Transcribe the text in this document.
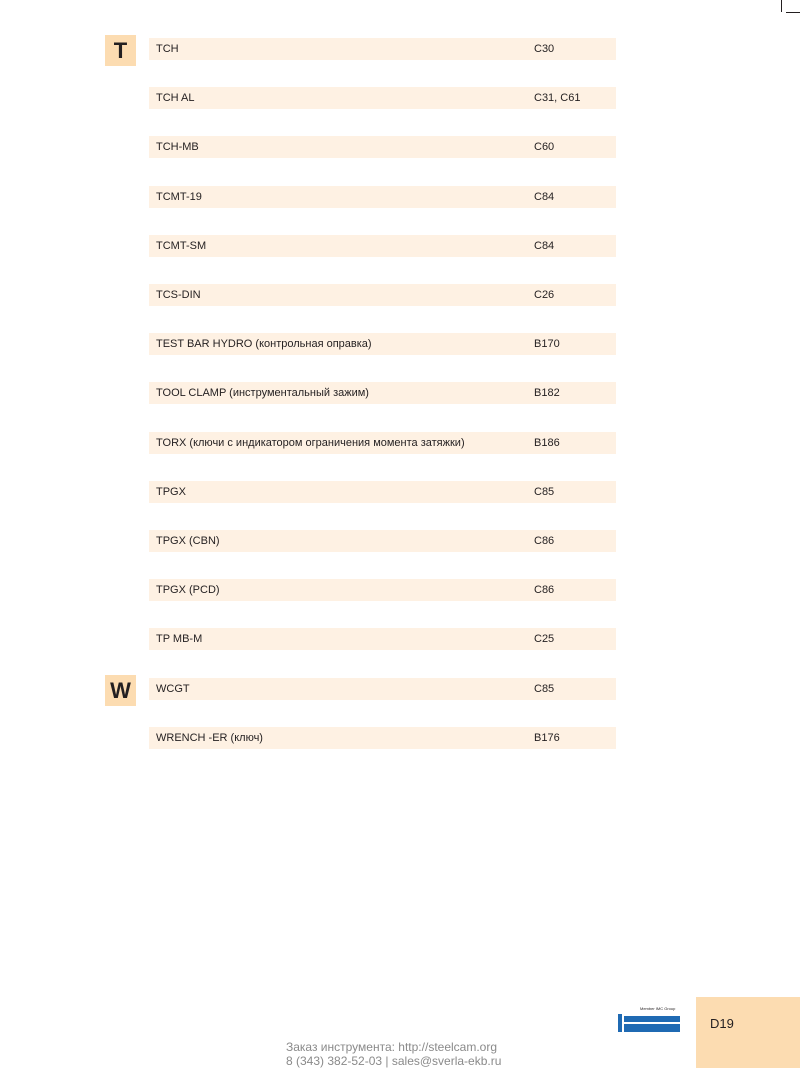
TCH	C30
TCH AL	C31, C61
TCH-MB	C60
TCMT-19	C84
TCMT-SM	C84
TCS-DIN	C26
TEST BAR HYDRO (контрольная оправка)	B170
TOOL CLAMP (инструментальный зажим)	B182
TORX (ключи с индикатором ограничения момента затяжки)	B186
TPGX	C85
TPGX (CBN)	C86
TPGX (PCD)	C86
TP MB-M	C25
WCGT	C85
WRENCH -ER (ключ)	B176
T
W
Member IMC Group
D19
Заказ инструмента: http://steelcam.org
8 (343) 382-52-03 | sales@sverla-ekb.ru
